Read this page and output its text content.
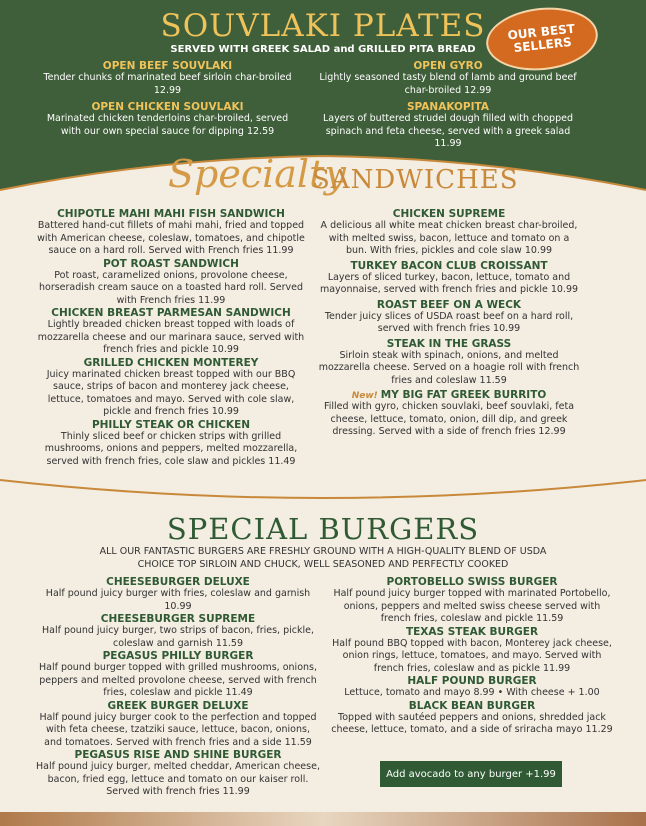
SOUVLAKI PLATES
SERVED WITH GREEK SALAD and GRILLED PITA BREAD
OUR BEST SELLERS
OPEN BEEF SOUVLAKI
Tender chunks of marinated beef sirloin char-broiled 12.99
OPEN CHICKEN SOUVLAKI
Marinated chicken tenderloins char-broiled, served with our own special sauce for dipping 12.59
OPEN GYRO
Lightly seasoned tasty blend of lamb and ground beef char-broiled 12.99
SPANAKOPITA
Layers of buttered strudel dough filled with chopped spinach and feta cheese, served with a greek salad 11.99
Specialty
SANDWICHES
CHIPOTLE MAHI MAHI FISH SANDWICH
Battered hand-cut fillets of mahi mahi, fried and topped with American cheese, coleslaw, tomatoes, and chipotle sauce on a hard roll. Served with French fries 11.99
POT ROAST SANDWICH
Pot roast, caramelized onions, provolone cheese, horseradish cream sauce on a toasted hard roll. Served with French fries 11.99
CHICKEN BREAST PARMESAN SANDWICH
Lightly breaded chicken breast topped with loads of mozzarella cheese and our marinara sauce, served with french fries and pickle 10.99
GRILLED CHICKEN MONTEREY
Juicy marinated chicken breast topped with our BBQ sauce, strips of bacon and monterey jack cheese, lettuce, tomatoes and mayo. Served with cole slaw, pickle and french fries 10.99
PHILLY STEAK OR CHICKEN
Thinly sliced beef or chicken strips with grilled mushrooms, onions and peppers, melted mozzarella, served with french fries, cole slaw and pickles 11.49
CHICKEN SUPREME
A delicious all white meat chicken breast char-broiled, with melted swiss, bacon, lettuce and tomato on a bun. With fries, pickles and cole slaw 10.99
TURKEY BACON CLUB CROISSANT
Layers of sliced turkey, bacon, lettuce, tomato and mayonnaise, served with french fries and pickle 10.99
ROAST BEEF ON A WECK
Tender juicy slices of USDA roast beef on a hard roll, served with french fries 10.99
STEAK IN THE GRASS
Sirloin steak with spinach, onions, and melted mozzarella cheese. Served on a hoagie roll with french fries and coleslaw 11.59
New! MY BIG FAT GREEK BURRITO
Filled with gyro, chicken souvlaki, beef souvlaki, feta cheese, lettuce, tomato, onion, dill dip, and greek dressing. Served with a side of french fries 12.99
SPECIAL BURGERS
ALL OUR FANTASTIC BURGERS ARE FRESHLY GROUND WITH A HIGH-QUALITY BLEND OF USDA CHOICE TOP SIRLOIN AND CHUCK, WELL SEASONED AND PERFECTLY COOKED
CHEESEBURGER DELUXE
Half pound juicy burger with fries, coleslaw and garnish 10.99
CHEESEBURGER SUPREME
Half pound juicy burger, two strips of bacon, fries, pickle, coleslaw and garnish 11.59
PEGASUS PHILLY BURGER
Half pound burger topped with grilled mushrooms, onions, peppers and melted provolone cheese, served with french fries, coleslaw and pickle 11.49
GREEK BURGER DELUXE
Half pound juicy burger cook to the perfection and topped with feta cheese, tzatziki sauce, lettuce, bacon, onions, and tomatoes. Served with french fries and a side 11.59
PEGASUS RISE AND SHINE BURGER
Half pound juicy burger, melted cheddar, American cheese, bacon, fried egg, lettuce and tomato on our kaiser roll. Served with french fries 11.99
PORTOBELLO SWISS BURGER
Half pound juicy burger topped with marinated Portobello, onions, peppers and melted swiss cheese served with french fries, coleslaw and pickle 11.59
TEXAS STEAK BURGER
Half pound BBQ topped with bacon, Monterey jack cheese, onion rings, lettuce, tomatoes, and mayo. Served with french fries, coleslaw and as pickle 11.99
HALF POUND BURGER
Lettuce, tomato and mayo 8.99 • With cheese + 1.00
BLACK BEAN BURGER
Topped with sautéed peppers and onions, shredded jack cheese, lettuce, tomato, and a side of sriracha mayo 11.29
Add avocado to any burger +1.99
